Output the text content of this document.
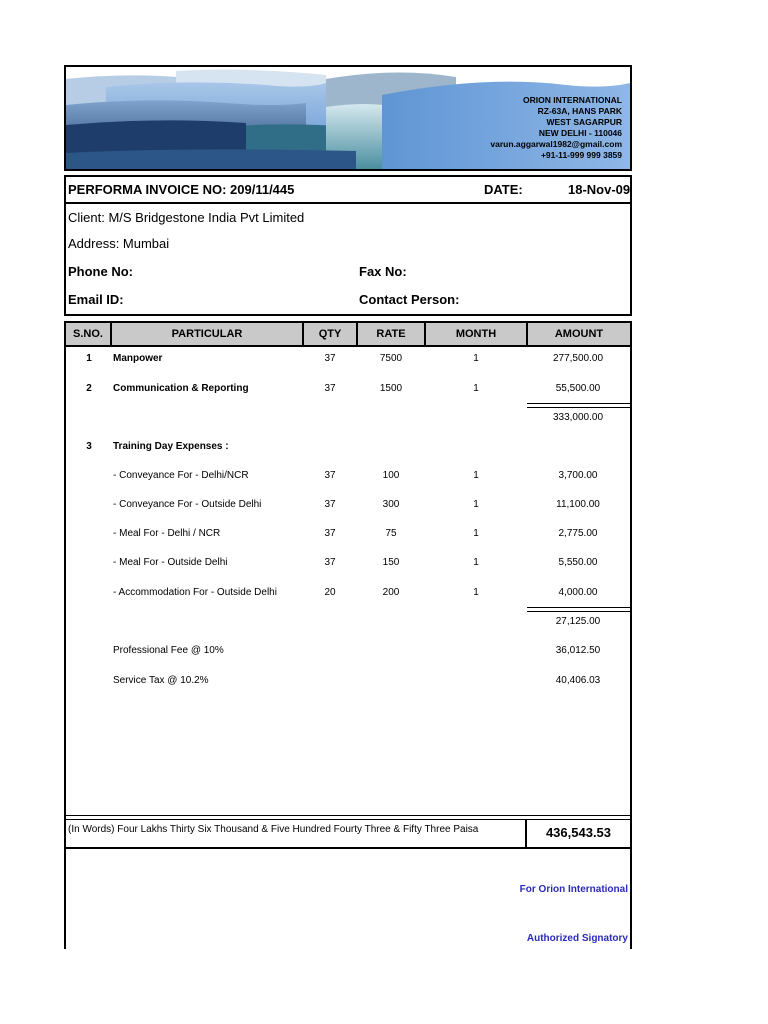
ORION INTERNATIONAL
RZ-63A, HANS PARK
WEST SAGARPUR
NEW DELHI - 110046
varun.aggarwal1982@gmail.com
+91-11-999 999 3859
PERFORMA INVOICE NO: 209/11/445	DATE:	18-Nov-09
Client: M/S Bridgestone India Pvt Limited
Address: Mumbai
Phone No:	Fax No:
Email ID:	Contact Person:
S.NO.	PARTICULAR	QTY	RATE	MONTH	AMOUNT
1	Manpower	37	7500	1	277,500.00
2	Communication & Reporting	37	1500	1	55,500.00
333,000.00
3	Training Day Expenses :
- Conveyance For - Delhi/NCR	37	100	1	3,700.00
- Conveyance For - Outside Delhi	37	300	1	11,100.00
- Meal For - Delhi / NCR	37	75	1	2,775.00
- Meal For - Outside Delhi	37	150	1	5,550.00
- Accommodation For - Outside Delhi	20	200	1	4,000.00
27,125.00
Professional Fee @ 10%	36,012.50
Service Tax @ 10.2%	40,406.03
(In Words) Four Lakhs Thirty Six Thousand & Five Hundred Fourty Three & Fifty Three Paisa	436,543.53
For Orion International
Authorized Signatory
